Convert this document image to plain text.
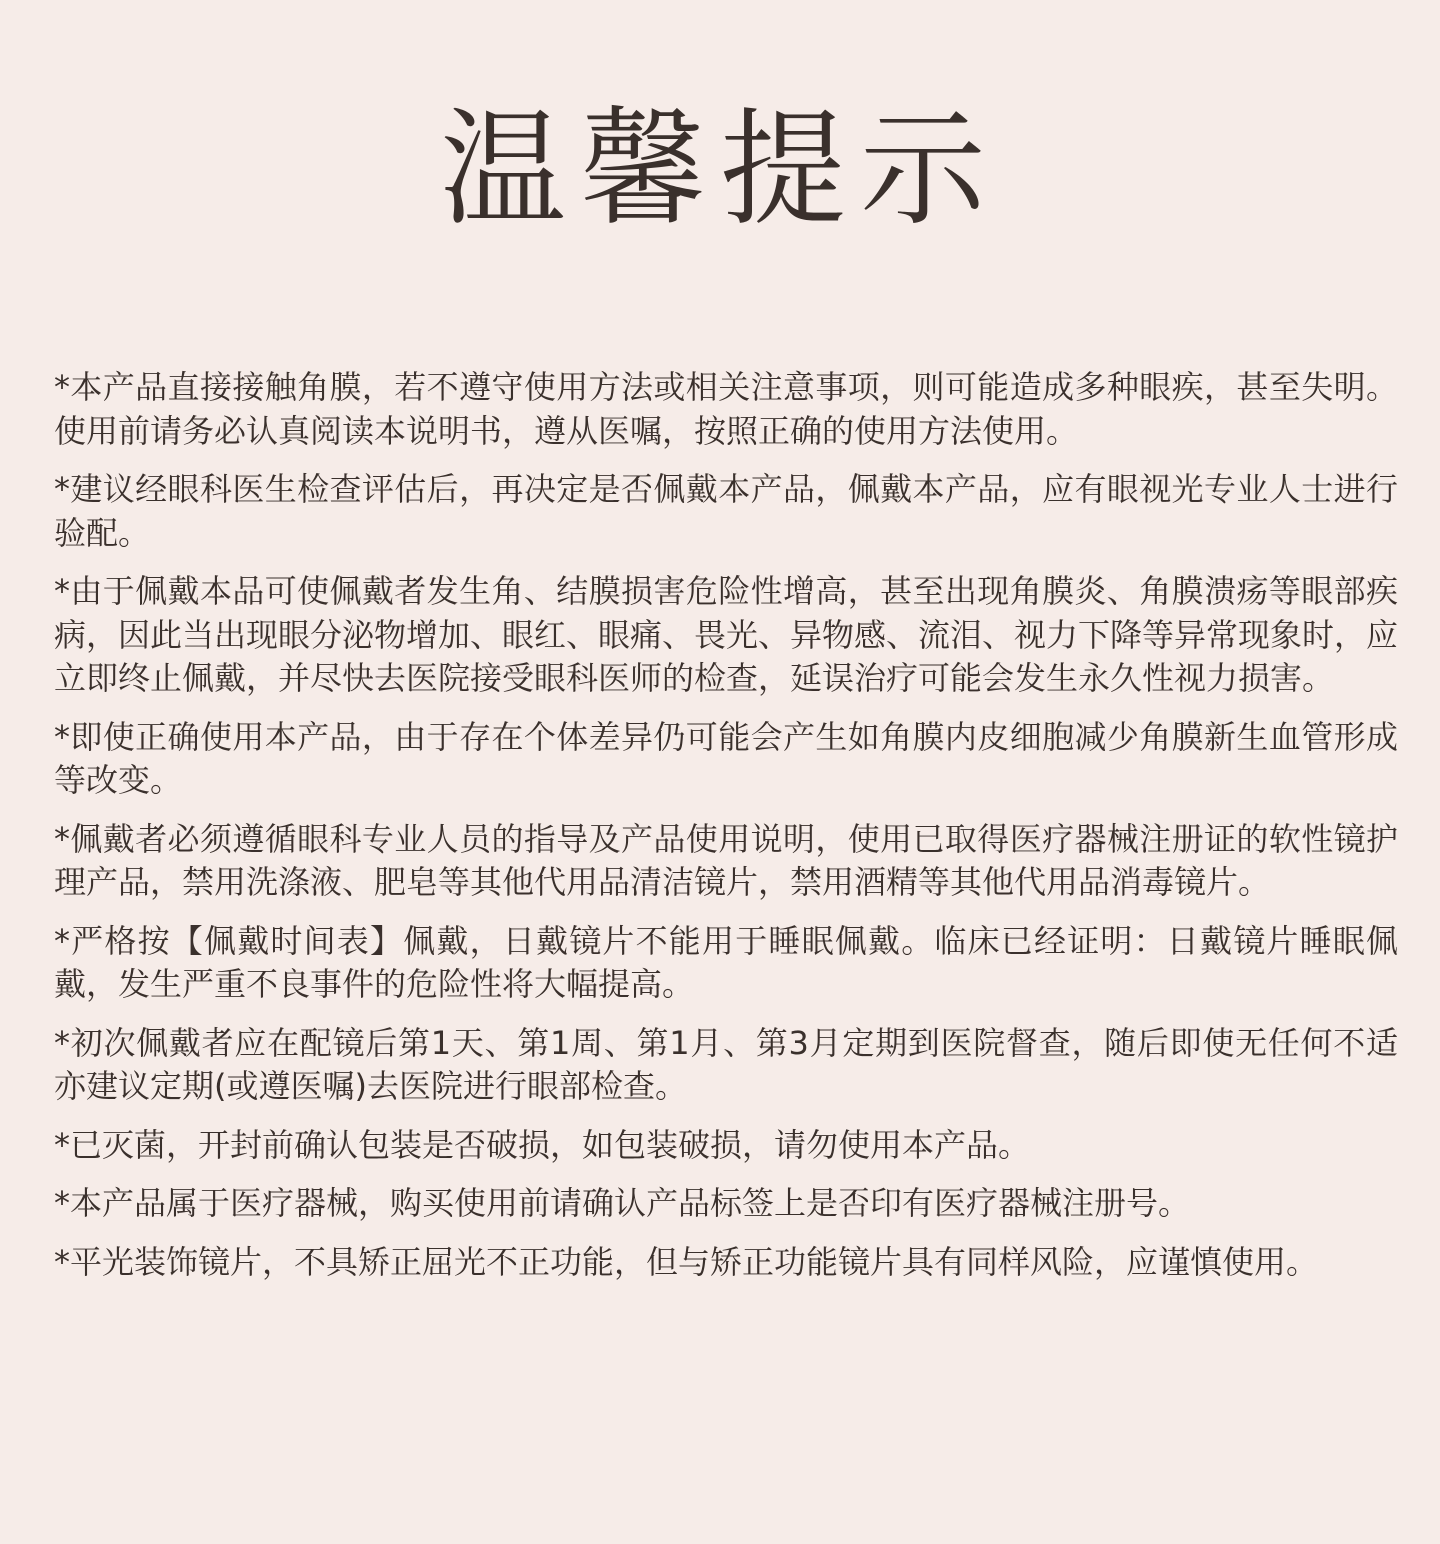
温馨提示
*本产品直接接触角膜，若不遵守使用方法或相关注意事项，则可能造成多种眼疾，甚至失明。使用前请务必认真阅读本说明书，遵从医嘱，按照正确的使用方法使用。
*建议经眼科医生检查评估后，再决定是否佩戴本产品，佩戴本产品，应有眼视光专业人士进行验配。
*由于佩戴本品可使佩戴者发生角、结膜损害危险性增高，甚至出现角膜炎、角膜溃疡等眼部疾病，因此当出现眼分泌物增加、眼红、眼痛、畏光、异物感、流泪、视力下降等异常现象时，应立即终止佩戴，并尽快去医院接受眼科医师的检查，延误治疗可能会发生永久性视力损害。
*即使正确使用本产品，由于存在个体差异仍可能会产生如角膜内皮细胞减少角膜新生血管形成等改变。
*佩戴者必须遵循眼科专业人员的指导及产品使用说明，使用已取得医疗器械注册证的软性镜护理产品，禁用洗涤液、肥皂等其他代用品清洁镜片，禁用酒精等其他代用品消毒镜片。
*严格按【佩戴时间表】佩戴，日戴镜片不能用于睡眠佩戴。临床已经证明：日戴镜片睡眠佩戴，发生严重不良事件的危险性将大幅提高。
*初次佩戴者应在配镜后第1天、第1周、第1月、第3月定期到医院督查，随后即使无任何不适亦建议定期(或遵医嘱)去医院进行眼部检查。
*已灭菌，开封前确认包装是否破损，如包装破损，请勿使用本产品。
*本产品属于医疗器械，购买使用前请确认产品标签上是否印有医疗器械注册号。
*平光装饰镜片，不具矫正屈光不正功能，但与矫正功能镜片具有同样风险，应谨慎使用。
